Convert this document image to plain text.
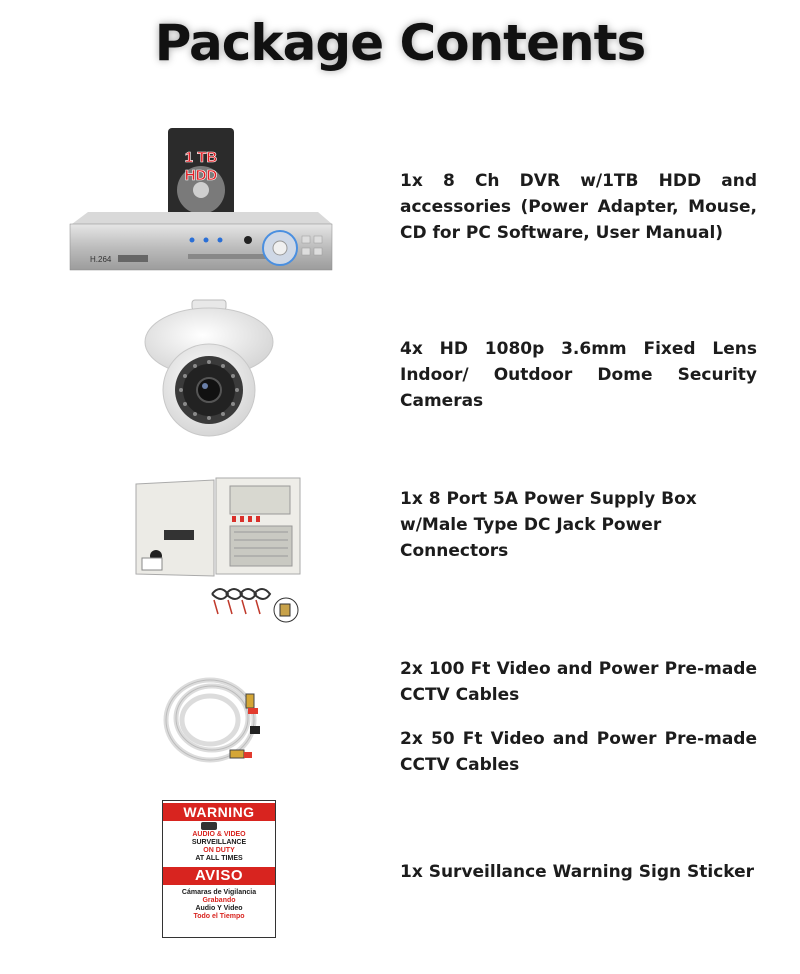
Package Contents
1 TB
HDD
H.264
1x 8 Ch DVR w/1TB HDD and accessories (Power Adapter, Mouse, CD for PC Software, User Manual)
4x HD 1080p 3.6mm Fixed Lens Indoor/ Outdoor Dome Security Cameras
1x 8 Port 5A Power Supply Box w/Male Type DC Jack Power Connectors
2x 100 Ft Video and Power Pre-made CCTV Cables
2x 50 Ft Video and Power Pre-made CCTV Cables
WARNING
AUDIO & VIDEO
SURVEILLANCE
ON DUTY
AT ALL TIMES
AVISO
Cámaras de Vigilancia
Grabando
Audio Y Video
Todo el Tiempo
1x Surveillance Warning Sign Sticker
